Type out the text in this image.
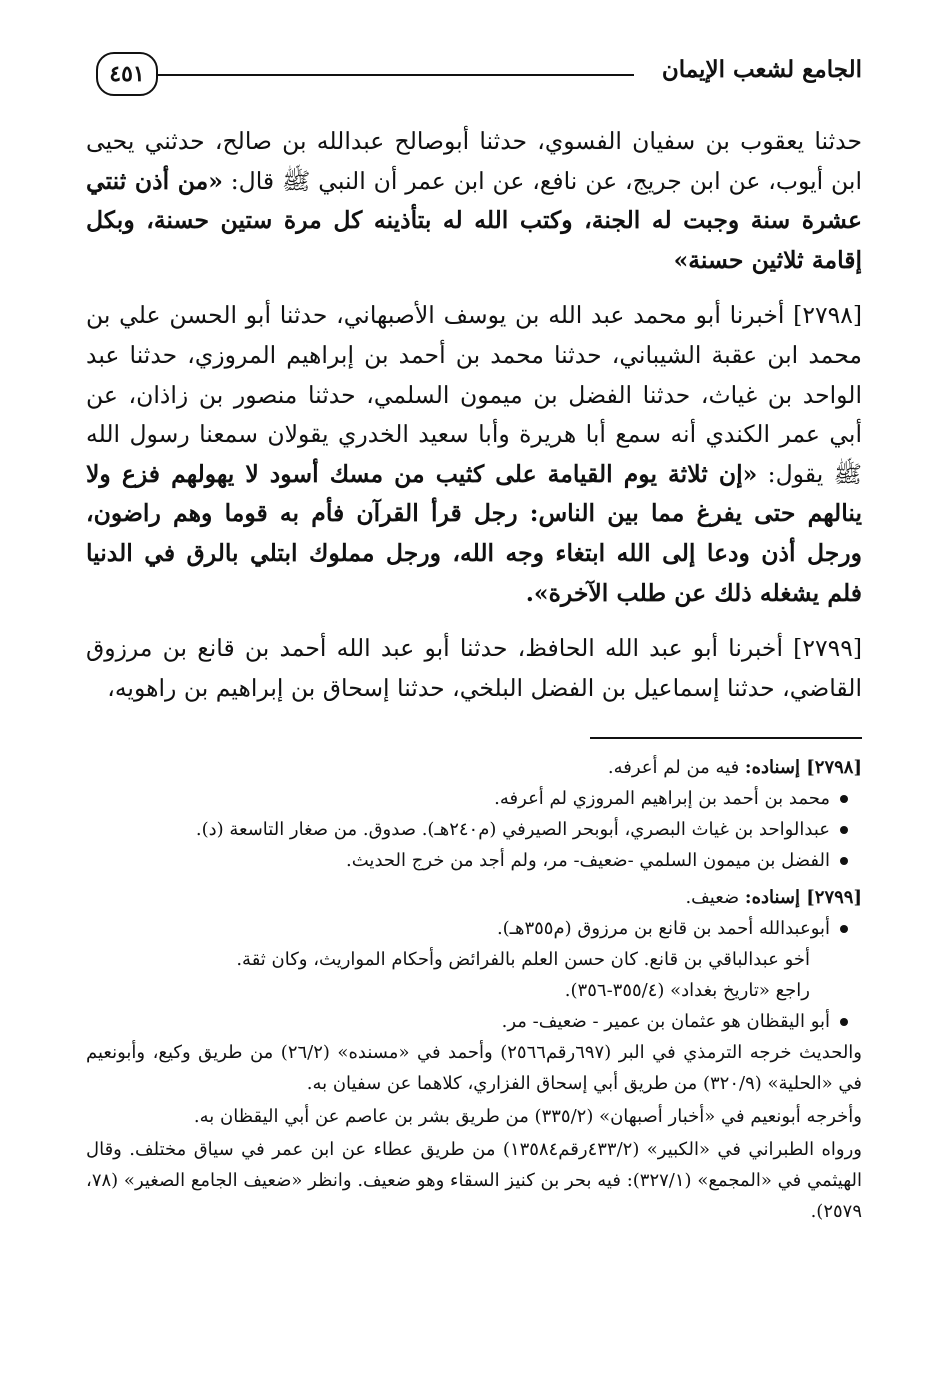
الجامع لشعب الإيمان
٤٥١

حدثنا يعقوب بن سفيان الفسوي، حدثنا أبوصالح عبدالله بن صالح، حدثني يحيى ابن أيوب، عن ابن جريج، عن نافع، عن ابن عمر أن النبي ﷺ قال: «من أذن ثنتي عشرة سنة وجبت له الجنة، وكتب الله له بتأذينه كل مرة ستين حسنة، وبكل إقامة ثلاثين حسنة»

[٢٧٩٨] أخبرنا أبو محمد عبد الله بن يوسف الأصبهاني، حدثنا أبو الحسن علي بن محمد ابن عقبة الشيباني، حدثنا محمد بن أحمد بن إبراهيم المروزي، حدثنا عبد الواحد بن غياث، حدثنا الفضل بن ميمون السلمي، حدثنا منصور بن زاذان، عن أبي عمر الكندي أنه سمع أبا هريرة وأبا سعيد الخدري يقولان سمعنا رسول الله ﷺ يقول: «إن ثلاثة يوم القيامة على كثيب من مسك أسود لا يهولهم فزع ولا ينالهم حتى يفرغ مما بين الناس: رجل قرأ القرآن فأم به قوما وهم راضون، ورجل أذن ودعا إلى الله ابتغاء وجه الله، ورجل مملوك ابتلي بالرق في الدنيا فلم يشغله ذلك عن طلب الآخرة».

[٢٧٩٩] أخبرنا أبو عبد الله الحافظ، حدثنا أبو عبد الله أحمد بن قانع بن مرزوق القاضي، حدثنا إسماعيل بن الفضل البلخي، حدثنا إسحاق بن إبراهيم بن راهويه،

[٢٧٩٨] إسناده: فيه من لم أعرفه.

محمد بن أحمد بن إبراهيم المروزي لم أعرفه.
عبدالواحد بن غياث البصري، أبوبحر الصيرفي (م٢٤٠هـ). صدوق. من صغار التاسعة (د).
الفضل بن ميمون السلمي -ضعيف- مر، ولم أجد من خرج الحديث.

[٢٧٩٩] إسناده: ضعيف.

أبوعبدالله أحمد بن قانع بن مرزوق (م٣٥٥هـ).

أخو عبدالباقي بن قانع. كان حسن العلم بالفرائض وأحكام المواريث، وكان ثقة.

راجع «تاريخ بغداد» (٣٥٥/٤-٣٥٦).

أبو اليقظان هو عثمان بن عمير - ضعيف- مر.

والحديث خرجه الترمذي في البر (٦٩٧رقم٢٥٦٦) وأحمد في «مسنده» (٢٦/٢) من طريق وكيع، وأبونعيم في «الحلية» (٣٢٠/٩) من طريق أبي إسحاق الفزاري، كلاهما عن سفيان به.

وأخرجه أبونعيم في «أخبار أصبهان» (٣٣٥/٢) من طريق بشر بن عاصم عن أبي اليقظان به.

ورواه الطبراني في «الكبير» (٤٣٣/٢رقم١٣٥٨٤) من طريق عطاء عن ابن عمر في سياق مختلف. وقال الهيثمي في «المجمع» (٣٢٧/١): فيه بحر بن كنيز السقاء وهو ضعيف. وانظر «ضعيف الجامع الصغير» (٧٨، ٢٥٧٩).
